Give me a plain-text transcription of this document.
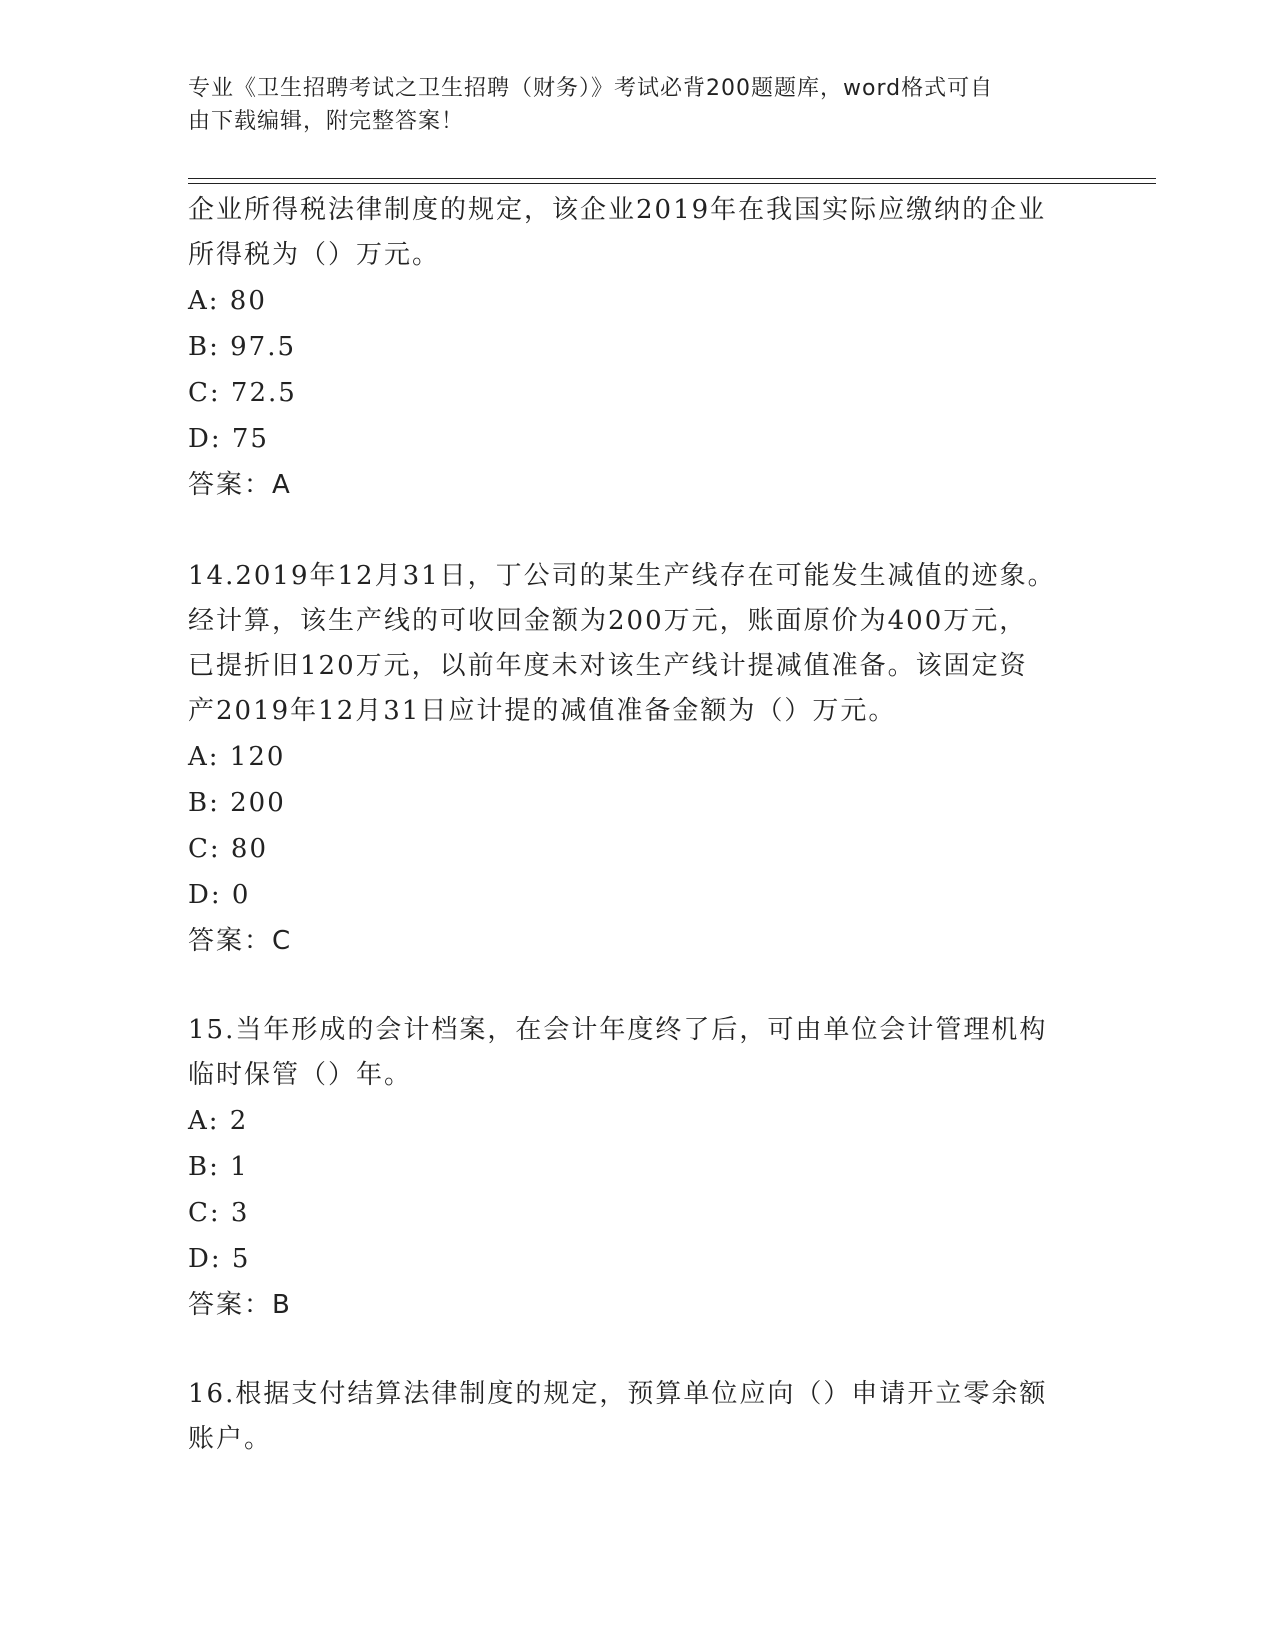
专业《卫生招聘考试之卫生招聘（财务）》考试必背200题题库，word格式可自
由下载编辑，附完整答案！

企业所得税法律制度的规定，该企业2019年在我国实际应缴纳的企业

所得税为（）万元。

A: 80

B: 97.5

C: 72.5

D: 75

答案：A

14.2019年12月31日，丁公司的某生产线存在可能发生减值的迹象。

经计算，该生产线的可收回金额为200万元，账面原价为400万元，

已提折旧120万元，以前年度未对该生产线计提减值准备。该固定资

产2019年12月31日应计提的减值准备金额为（）万元。

A: 120

B: 200

C: 80

D: 0

答案：C

15.当年形成的会计档案，在会计年度终了后，可由单位会计管理机构

临时保管（）年。

A: 2

B: 1

C: 3

D: 5

答案：B

16.根据支付结算法律制度的规定，预算单位应向（）申请开立零余额

账户。
